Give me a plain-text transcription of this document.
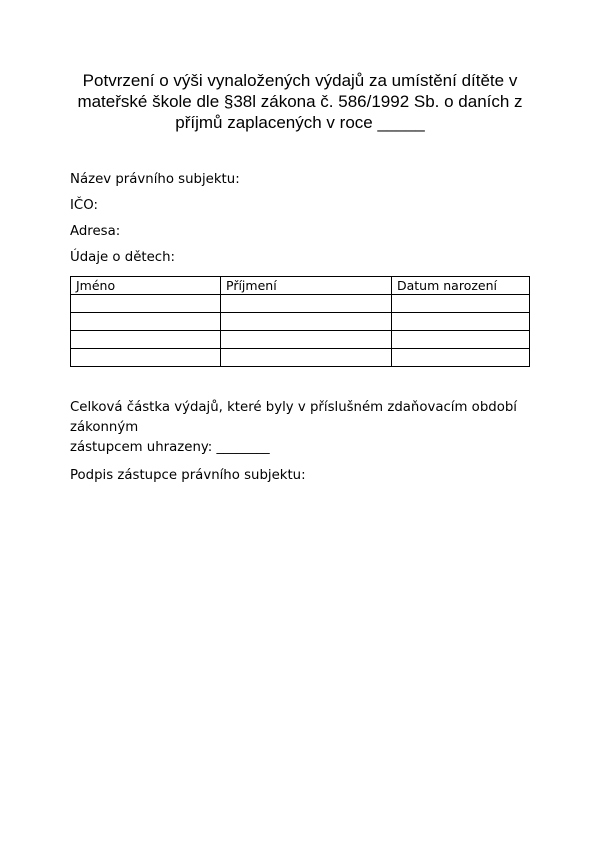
Potvrzení o výši vynaložených výdajů za umístění dítěte v
mateřské škole dle §38l zákona č. 586/1992 Sb. o daních z
příjmů zaplacených v roce _____
Název právního subjektu:
IČO:
Adresa:
Údaje o dětech:
Jméno	Příjmení	Datum narození

Celková částka výdajů, které byly v příslušném zdaňovacím období zákonným
zástupcem uhrazeny: ________
Podpis zástupce právního subjektu:
